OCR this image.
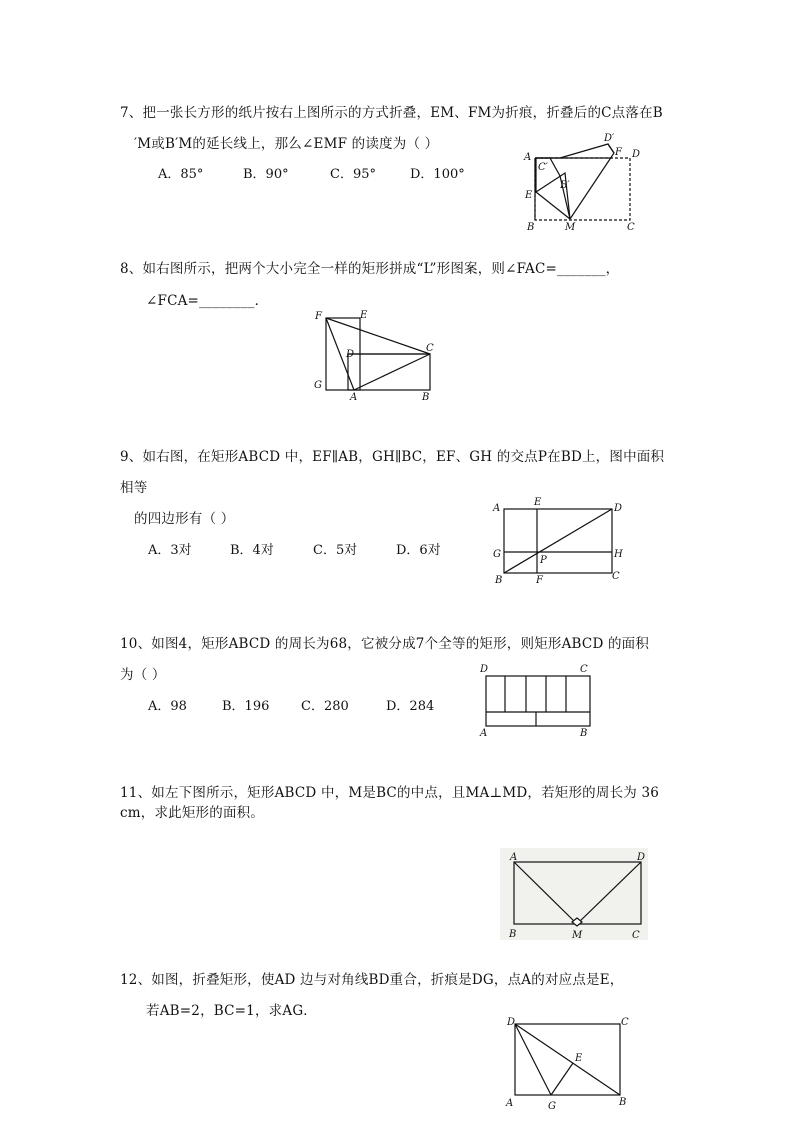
7、把一张长方形的纸片按右上图所示的方式折叠，EM、FM为折痕，折叠后的C点落在B
′M或B′M的延长线上，那么∠EMF 的读度为（ ）
A．85°	B．90°	C．95°	D．100°
A
D′
F D
C′
B′
E
B	M	C
8、如右图所示，把两个大小完全一样的矩形拼成“L”形图案，则∠FAC=_______，
∠FCA=________．
F	E
D
C
G
A	B
9、如右图，在矩形ABCD 中，EF∥AB，GH∥BC，EF、GH 的交点P在BD上，图中面积
相等
的四边形有（ ）
A．3对	B．4对	C．5对	D．6对
A
E
D
G
P
H
B	F	C
10、如图4，矩形ABCD 的周长为68，它被分成7个全等的矩形，则矩形ABCD 的面积
为（ ）
A．98	B．196 C．280	D．284
D	C
A	B
11、如左下图所示，矩形ABCD 中，M是BC的中点，且MA⊥MD，若矩形的周长为 36
cm，求此矩形的面积。
A	D
B	M	C
12、如图，折叠矩形，使AD 边与对角线BD重合，折痕是DG，点A的对应点是E，
若AB=2，BC=1，求AG．
D	C
E
A	G	B
